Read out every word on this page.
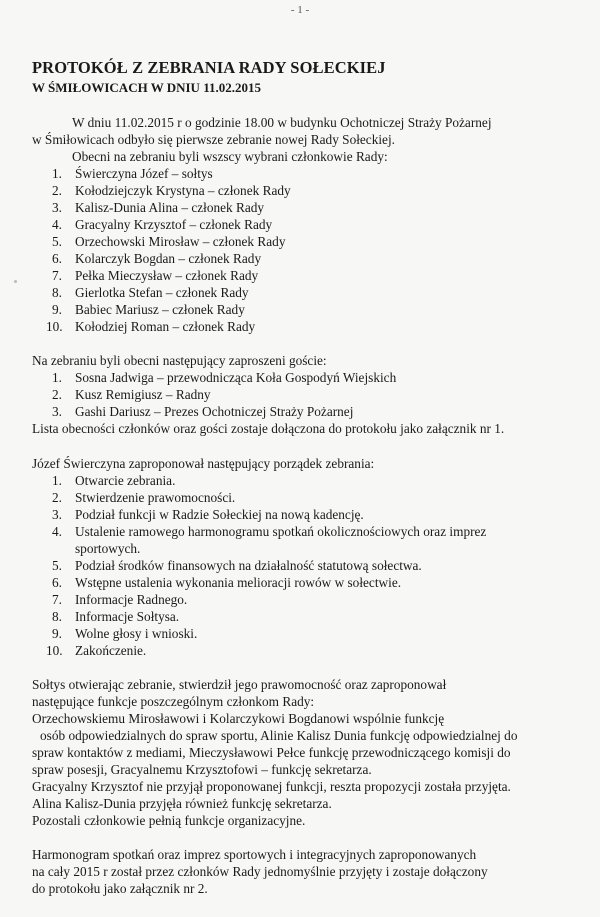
- 1 -
PROTOKÓŁ Z ZEBRANIA RADY SOŁECKIEJ
W ŚMIŁOWICACH W DNIU 11.02.2015
W dniu 11.02.2015 r o godzinie 18.00 w budynku Ochotniczej Straży Pożarnej
w Śmiłowicach odbyło się pierwsze zebranie nowej Rady Sołeckiej.
Obecni na zebraniu byli wszscy wybrani członkowie Rady:
1. Świerczyna Józef – sołtys
2. Kołodziejczyk Krystyna – członek Rady
3. Kalisz-Dunia Alina – członek Rady
4. Gracyalny Krzysztof – członek Rady
5. Orzechowski Mirosław – członek Rady
6. Kolarczyk Bogdan – członek Rady
7. Pełka Mieczysław – członek Rady
8. Gierlotka Stefan – członek Rady
9. Babiec Mariusz – członek Rady
10. Kołodziej Roman – członek Rady
Na zebraniu byli obecni następujący zaproszeni goście:
1. Sosna Jadwiga – przewodnicząca Koła Gospodyń Wiejskich
2. Kusz Remigiusz – Radny
3. Gashi Dariusz – Prezes Ochotniczej Straży Pożarnej
Lista obecności członków oraz gości zostaje dołączona do protokołu jako załącznik nr 1.
Józef Świerczyna zaproponował następujący porządek zebrania:
1. Otwarcie zebrania.
2. Stwierdzenie prawomocności.
3. Podział funkcji w Radzie Sołeckiej na nową kadencję.
4. Ustalenie ramowego harmonogramu spotkań okolicznościowych oraz imprez
sportowych.
5. Podział środków finansowych na działalność statutową sołectwa.
6. Wstępne ustalenia wykonania melioracji rowów w sołectwie.
7. Informacje Radnego.
8. Informacje Sołtysa.
9. Wolne głosy i wnioski.
10. Zakończenie.
Sołtys otwierając zebranie, stwierdził jego prawomocność oraz zaproponował
następujące funkcje poszczególnym członkom Rady:
Orzechowskiemu Mirosławowi i Kolarczykowi Bogdanowi wspólnie funkcję
osób odpowiedzialnych do spraw sportu, Alinie Kalisz Dunia funkcję odpowiedzialnej do
spraw kontaktów z mediami, Mieczysławowi Pełce funkcję przewodniczącego komisji do
spraw posesji, Gracyalnemu Krzysztofowi – funkcję sekretarza.
Gracyalny Krzysztof nie przyjął proponowanej funkcji, reszta propozycji została przyjęta.
Alina Kalisz-Dunia przyjęła również funkcję sekretarza.
Pozostali członkowie pełnią funkcje organizacyjne.
Harmonogram spotkań oraz imprez sportowych i integracyjnych zaproponowanych
na cały 2015 r został przez członków Rady jednomyślnie przyjęty i zostaje dołączony
do protokołu jako załącznik nr 2.
